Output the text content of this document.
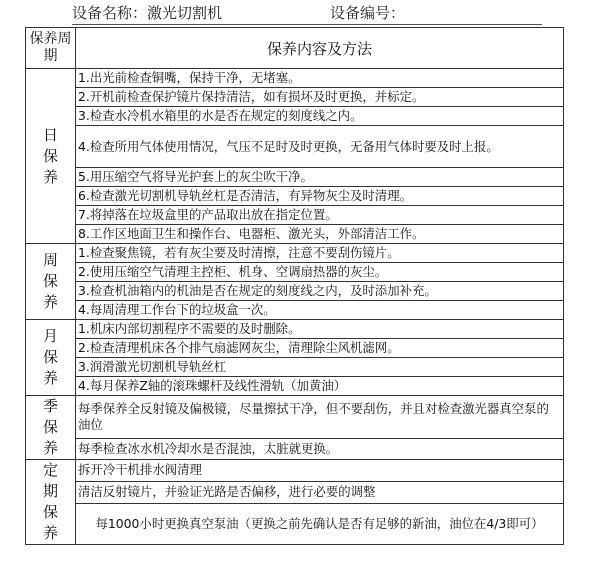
设备名称：激光切割机	设备编号：
保养周期	保养内容及方法

日
保
养	1.出光前检查铜嘴，保持干净，无堵塞。
	2.开机前检查保护镜片保持清洁，如有损坏及时更换，并标定。
	3.检查水冷机水箱里的水是否在规定的刻度线之内。
	4.检查所用气体使用情况，气压不足时及时更换，无备用气体时要及时上报。
	5.用压缩空气将导光护套上的灰尘吹干净。
	6.检查激光切割机导轨丝杠是否清洁，有异物灰尘及时清理。
	7.将掉落在垃圾盒里的产品取出放在指定位置。
	8.工作区地面卫生和操作台、电器柜、激光头，外部清洁工作。

周
保
养	1.检查聚焦镜，若有灰尘要及时清擦，注意不要刮伤镜片。
	2.使用压缩空气清理主控柜、机身、空调扇热器的灰尘。
	3.检查机油箱内的机油是否在规定的刻度线之内，及时添加补充。
	4.每周清理工作台下的垃圾盒一次。

月
保
养	1.机床内部切割程序不需要的及时删除。
	2.检查清理机床各个排气扇滤网灰尘，清理除尘风机滤网。
	3.润滑激光切割机导轨丝杠
	4.每月保养Z轴的滚珠螺杆及线性滑轨（加黄油）

季
保
养	每季保养全反射镜及偏极镜，尽量擦拭干净，但不要刮伤，并且对检查激光器真空泵的油位
	每季检查冰水机冷却水是否混浊，太脏就更换。

定
期
保
养	拆开冷干机排水阀清理
	清洁反射镜片，并验证光路是否偏移，进行必要的调整
	每1000小时更换真空泵油（更换之前先确认是否有足够的新油，油位在4/3即可）
